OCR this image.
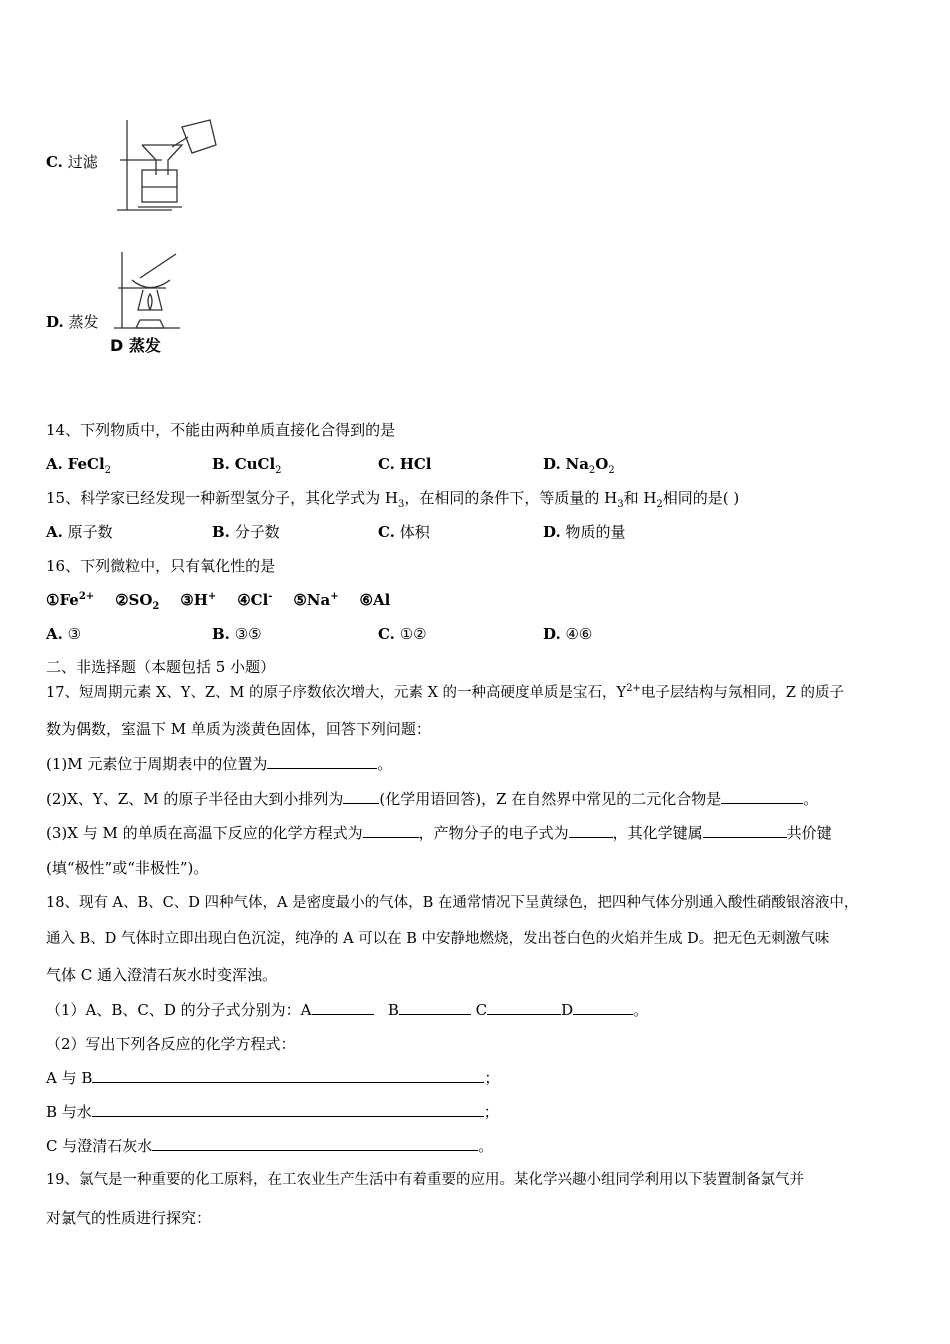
C. 过滤
D. 蒸发
D 蒸发
14、下列物质中，不能由两种单质直接化合得到的是
A. FeCl$_2$	B. CuCl$_2$	C. HCl	D. $Na_2O_2$
15、科学家已经发现一种新型氢分子，其化学式为 $H_3$，在相同的条件下，等质量的 $H_3$和 $H_2$相同的是( )
A. 原子数	B. 分子数	C. 体积	D. 物质的量
16、下列微粒中，只有氧化性的是
$①Fe^{2+}$ $②SO_2$ ③H+ ④Cl- ⑤Na+ ⑥Al
A. ③	B. ③⑤	C. ①②	D. ④⑥
二、非选择题（本题包括 5 小题）
17、短周期元素 X、Y、Z、M 的原子序数依次增大，元素 X 的一种高硬度单质是宝石，$Y^{2+}$电子层结构与氖相同，Z 的质子
数为偶数，室温下 M 单质为淡黄色固体，回答下列问题：
(1)M 元素位于周期表中的位置为	。
(2)X、Y、Z、M 的原子半径由大到小排列为 (化学用语回答)，Z 在自然界中常见的二元化合物是	。
(3)X 与 M 的单质在高温下反应的化学方程式为	，产物分子的电子式为	，其化学键属	共价键
(填“极性”或“非极性”)。
18、现有 A、B、C、D 四种气体，A 是密度最小的气体，B 在通常情况下呈黄绿色，把四种气体分别通入酸性硝酸银溶液中，
通入 B、D 气体时立即出现白色沉淀，纯净的 A 可以在 B 中安静地燃烧，发出苍白色的火焰并生成 D。把无色无刺激气味
气体 C 通入澄清石灰水时变浑浊。
（1）A、B、C、D 的分子式分别为：A	B	C	D	。
（2）写出下列各反应的化学方程式：
A 与 B	；
B 与水	；
C 与澄清石灰水	。
19、氯气是一种重要的化工原料，在工农业生产生活中有着重要的应用。某化学兴趣小组同学利用以下装置制备氯气并
对氯气的性质进行探究：
